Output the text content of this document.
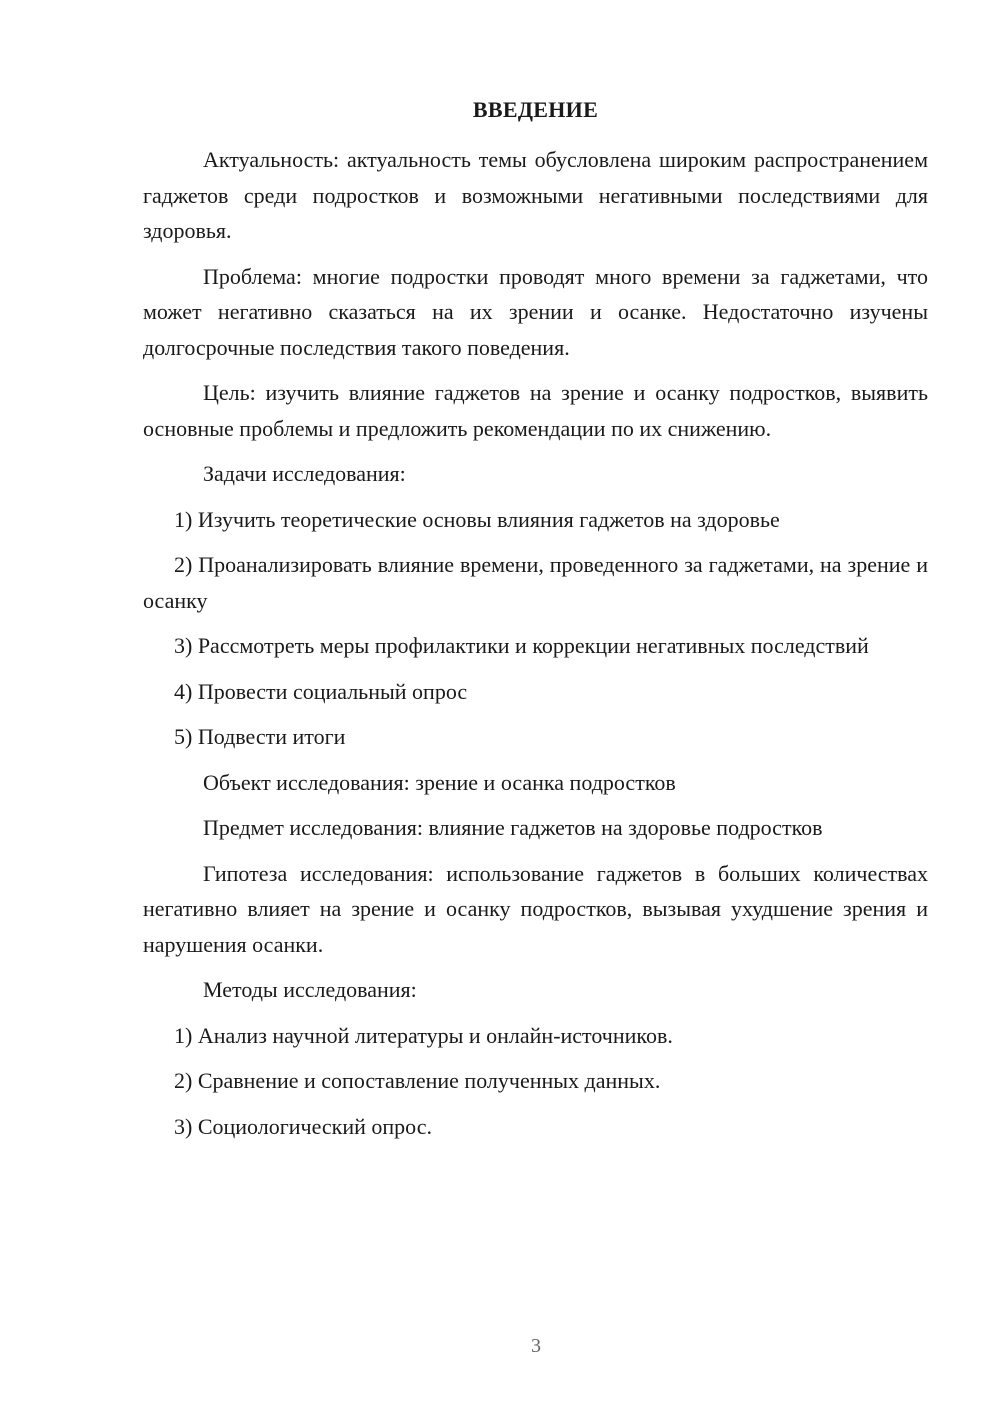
ВВЕДЕНИЕ

Актуальность: актуальность темы обусловлена широким распространением гаджетов среди подростков и возможными негативными последствиями для здоровья.

Проблема: многие подростки проводят много времени за гаджетами, что может негативно сказаться на их зрении и осанке. Недостаточно изучены долгосрочные последствия такого поведения.

Цель: изучить влияние гаджетов на зрение и осанку подростков, выявить основные проблемы и предложить рекомендации по их снижению.

Задачи исследования:

1) Изучить теоретические основы влияния гаджетов на здоровье

2) Проанализировать влияние времени, проведенного за гаджетами, на зрение и осанку

3) Рассмотреть меры профилактики и коррекции негативных последствий

4) Провести социальный опрос

5) Подвести итоги

Объект исследования: зрение и осанка подростков

Предмет исследования: влияние гаджетов на здоровье подростков

Гипотеза исследования: использование гаджетов в больших количествах негативно влияет на зрение и осанку подростков, вызывая ухудшение зрения и нарушения осанки.

Методы исследования:

1) Анализ научной литературы и онлайн-источников.

2) Сравнение и сопоставление полученных данных.

3) Социологический опрос.

3
